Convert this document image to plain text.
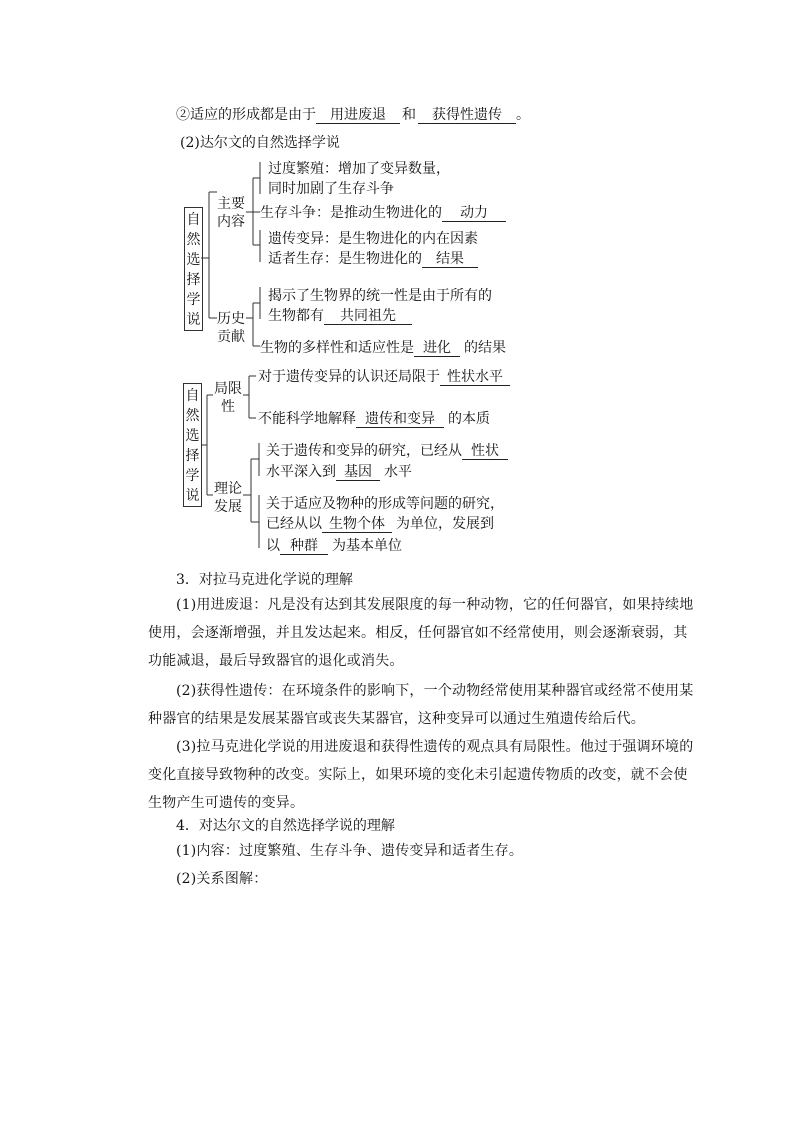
②适应的形成都是由于 用进废退 和 获得性遗传 。
(2)达尔文的自然选择学说
自
然
选
择
学
说
主要
内容
历史
贡献
过度繁殖：增加了变异数量，
同时加剧了生存斗争
生存斗争：是推动生物进化的 动力
遗传变异：是生物进化的内在因素
适者生存：是生物进化的 结果
揭示了生物界的统一性是由于所有的
生物都有 共同祖先
生物的多样性和适应性是 进化 的结果
自
然
选
择
学
说
局限
性
理论
发展
对于遗传变异的认识还局限于 性状水平
不能科学地解释 遗传和变异 的本质
关于遗传和变异的研究，已经从 性状
水平深入到 基因 水平
关于适应及物种的形成等问题的研究，
已经从以 生物个体 为单位，发展到
以 种群 为基本单位
3．对拉马克进化学说的理解
(1)用进废退：凡是没有达到其发展限度的每一种动物，它的任何器官，如果持续地
使用，会逐渐增强，并且发达起来。相反，任何器官如不经常使用，则会逐渐衰弱，其
功能减退，最后导致器官的退化或消失。
(2)获得性遗传：在环境条件的影响下，一个动物经常使用某种器官或经常不使用某
种器官的结果是发展某器官或丧失某器官，这种变异可以通过生殖遗传给后代。
(3)拉马克进化学说的用进废退和获得性遗传的观点具有局限性。他过于强调环境的
变化直接导致物种的改变。实际上，如果环境的变化未引起遗传物质的改变，就不会使
生物产生可遗传的变异。
4．对达尔文的自然选择学说的理解
(1)内容：过度繁殖、生存斗争、遗传变异和适者生存。
(2)关系图解：
